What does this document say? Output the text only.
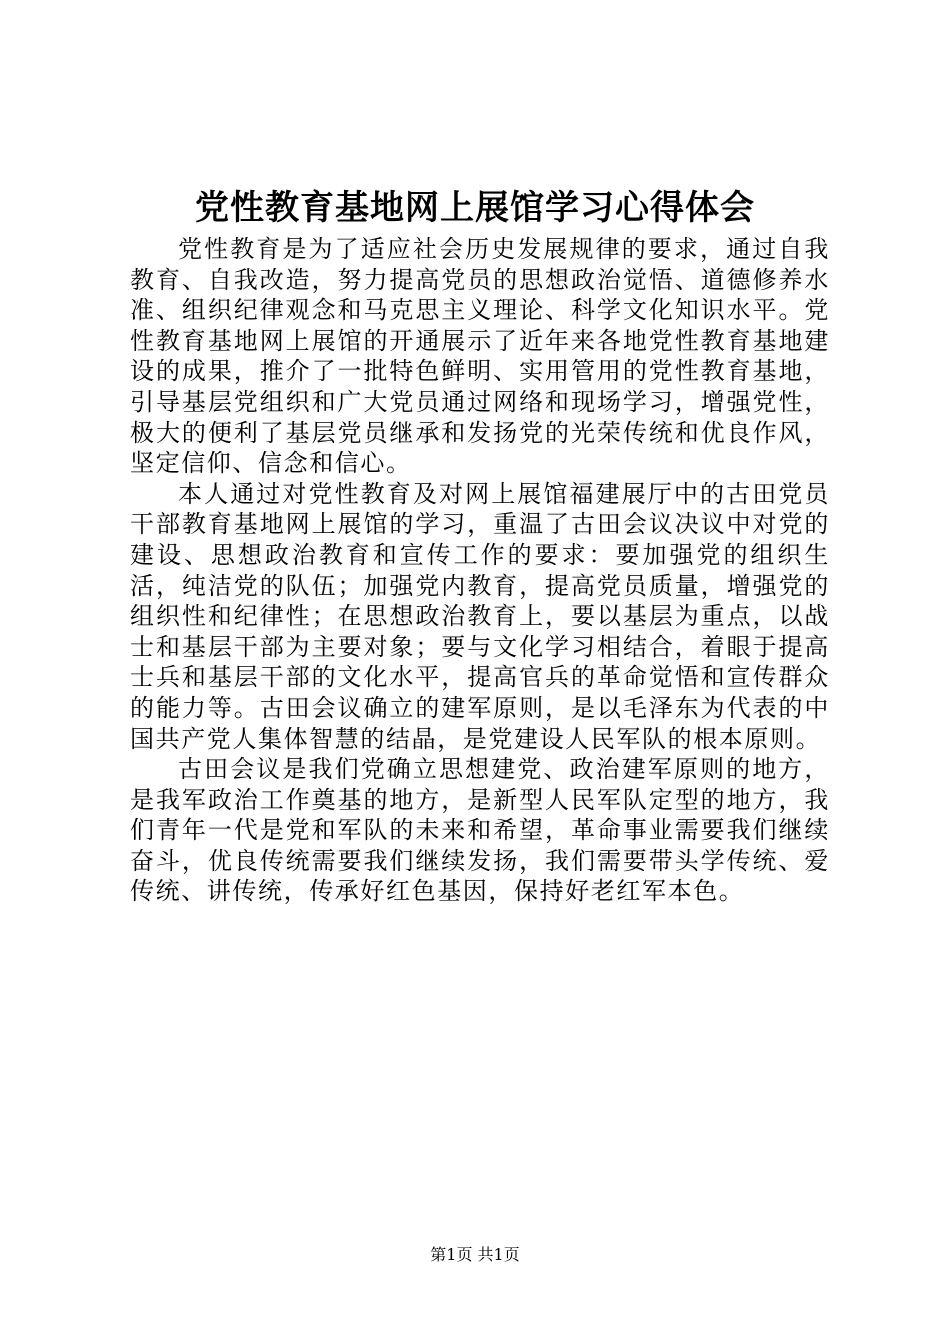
党性教育基地网上展馆学习心得体会

党性教育是为了适应社会历史发展规律的要求，通过自我教育、自我改造，努力提高党员的思想政治觉悟、道德修养水准、组织纪律观念和马克思主义理论、科学文化知识水平。党性教育基地网上展馆的开通展示了近年来各地党性教育基地建设的成果，推介了一批特色鲜明、实用管用的党性教育基地，引导基层党组织和广大党员通过网络和现场学习，增强党性，极大的便利了基层党员继承和发扬党的光荣传统和优良作风，坚定信仰、信念和信心。

本人通过对党性教育及对网上展馆福建展厅中的古田党员干部教育基地网上展馆的学习，重温了古田会议决议中对党的建设、思想政治教育和宣传工作的要求：要加强党的组织生活，纯洁党的队伍；加强党内教育，提高党员质量，增强党的组织性和纪律性；在思想政治教育上，要以基层为重点，以战士和基层干部为主要对象；要与文化学习相结合，着眼于提高士兵和基层干部的文化水平，提高官兵的革命觉悟和宣传群众的能力等。古田会议确立的建军原则，是以毛泽东为代表的中国共产党人集体智慧的结晶，是党建设人民军队的根本原则。

古田会议是我们党确立思想建党、政治建军原则的地方，是我军政治工作奠基的地方，是新型人民军队定型的地方，我们青年一代是党和军队的未来和希望，革命事业需要我们继续奋斗，优良传统需要我们继续发扬，我们需要带头学传统、爱传统、讲传统，传承好红色基因，保持好老红军本色。

第1页 共1页
